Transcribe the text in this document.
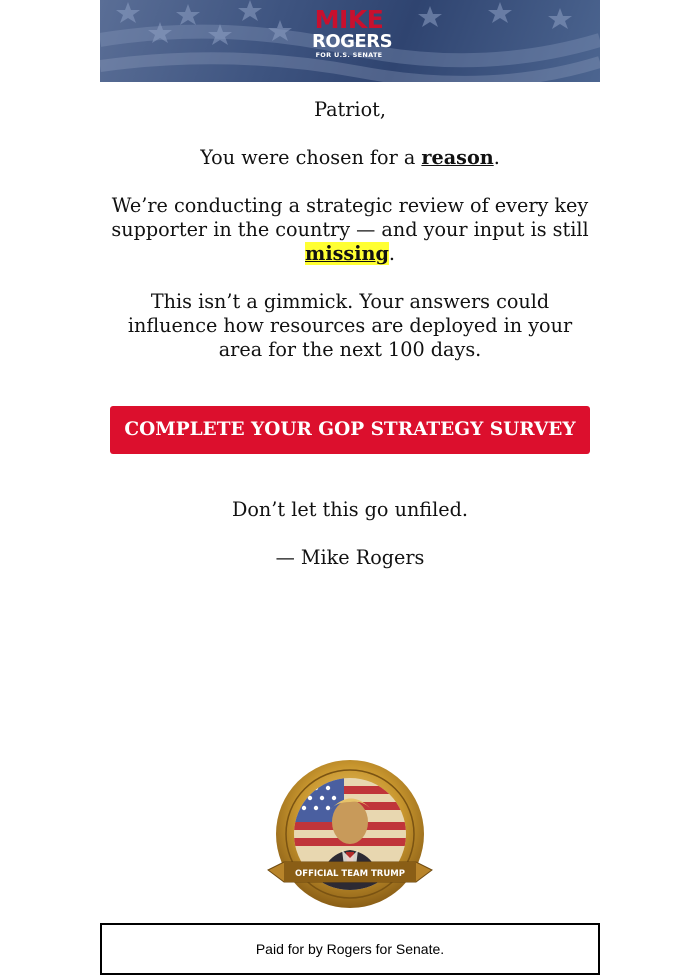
MIKE
ROGERS
FOR U.S. SENATE
Patriot,
You were chosen for a reason.
We’re conducting a strategic review of every key supporter in the country — and your input is still missing.
This isn’t a gimmick. Your answers could influence how resources are deployed in your area for the next 100 days.
COMPLETE YOUR GOP STRATEGY SURVEY
Don’t let this go unfiled.
— Mike Rogers
OFFICIAL TEAM TRUMP
Paid for by Rogers for Senate.
